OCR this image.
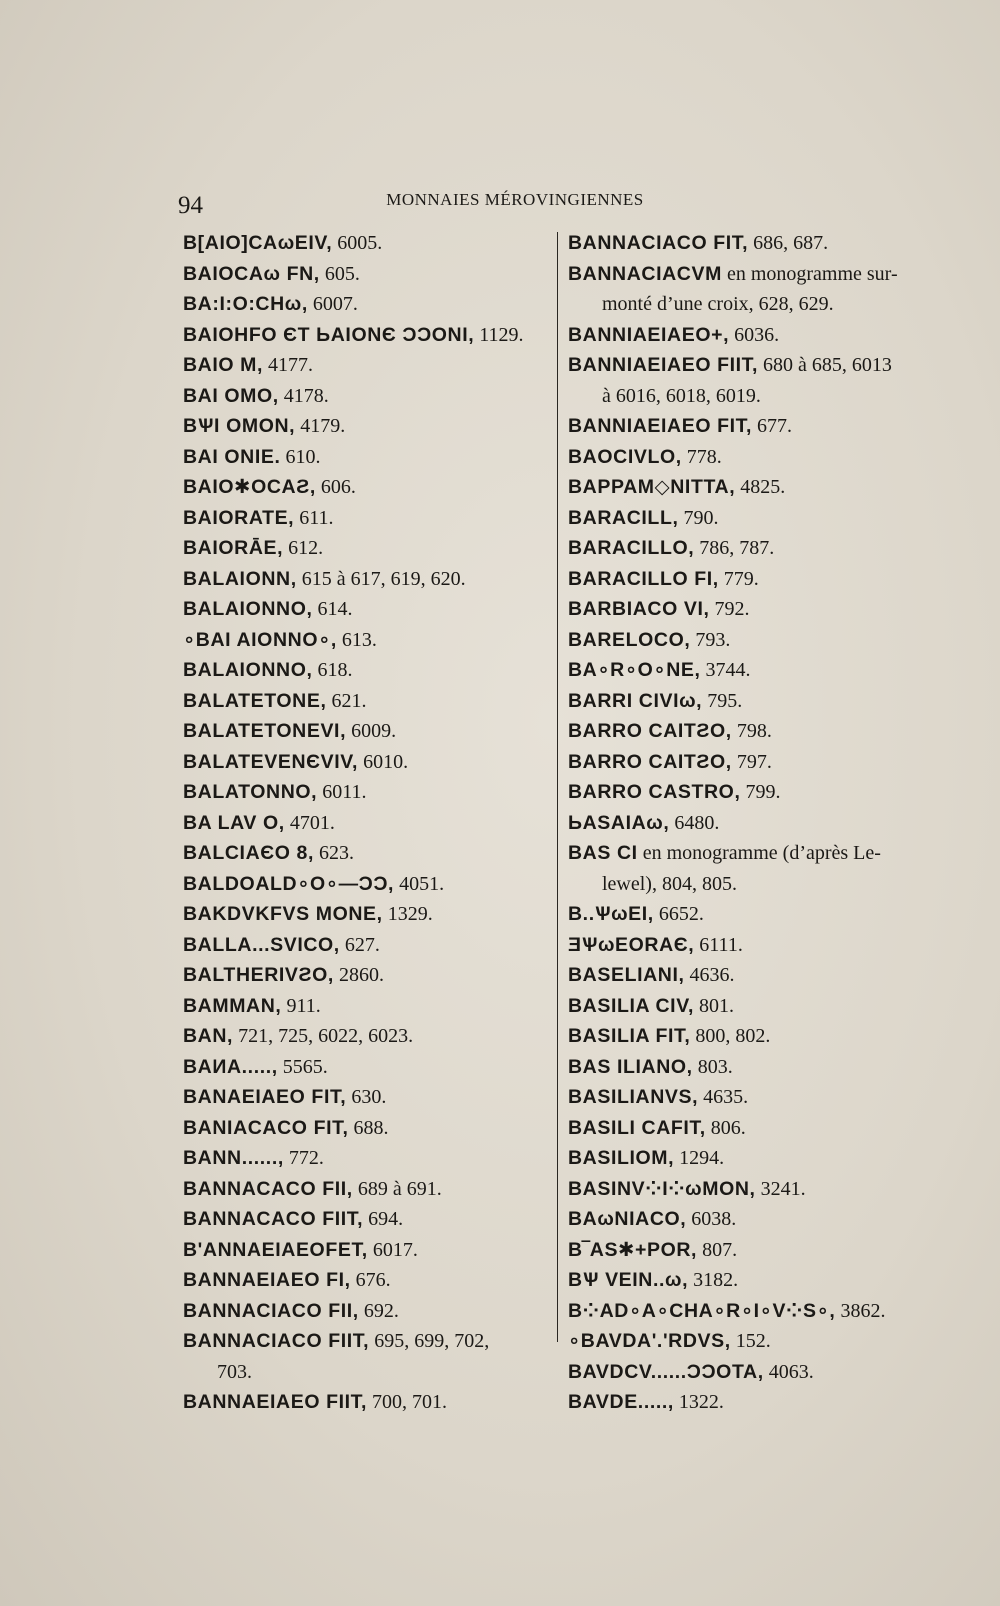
94	MONNAIES MÉROVINGIENNES
B[AIO]CAωEIV, 6005.
BAIOCAω FN, 605.
BA:I:O:CHω, 6007.
BAIOHFO ЄT ЬAIONЄ ƆƆONI, 1129.
BAIO M, 4177.
BAI OMO, 4178.
BѰI OMON, 4179.
BAI ONIE. 610.
BAIO✱OCAƧ, 606.
BAIORATE, 611.
BAIORĀE, 612.
BALAIONN, 615 à 617, 619, 620.
BALAIONNO, 614.
∘BAI AIONNO∘, 613.
BALAIONNO, 618.
BALATETONE, 621.
BALATETONEVI, 6009.
BALATEVENЄVIV, 6010.
BALATONNO, 6011.
BA LAV O, 4701.
BALCIAЄO 8, 623.
BALDOALD∘O∘—ƆƆ, 4051.
BAKDVKFVS MONE, 1329.
BALLA...SVICO, 627.
BALTHERIVƧO, 2860.
BAMMAN, 911.
BAN, 721, 725, 6022, 6023.
BAИA....., 5565.
BANAEIAEO FIT, 630.
BANIACACO FIT, 688.
BANN......, 772.
BANNACACO FII, 689 à 691.
BANNACACO FIIT, 694.
B'ANNAEIAEOFET, 6017.
BANNAEIAEO FI, 676.
BANNACIACO FII, 692.
BANNACIACO FIIT, 695, 699, 702,
703.
BANNAEIAEO FIIT, 700, 701.
BANNACIACO FIT, 686, 687.
BANNACIACVM en monogramme sur-
monté d’une croix, 628, 629.
BANNIAEIAEO+, 6036.
BANNIAEIAEO FIIT, 680 à 685, 6013
à 6016, 6018, 6019.
BANNIAEIAEO FIT, 677.
BAOCIVLO, 778.
BAPPAM◇NITTA, 4825.
BARACILL, 790.
BARACILLO, 786, 787.
BARACILLO FI, 779.
BARBIACO VI, 792.
BARELOCO, 793.
BA∘R∘O∘NE, 3744.
BARRI CIVIω, 795.
BARRO CAITƧO, 798.
BARRO CAITƧO, 797.
BARRO CASTRO, 799.
ЬASAIAω, 6480.
BAS CI en monogramme (d’après Le-
lewel), 804, 805.
B..ѰωEI, 6652.
ƎѰωEORAЄ, 6111.
BASELIANI, 4636.
BASILIA CIV, 801.
BASILIA FIT, 800, 802.
BAS ILIANO, 803.
BASILIANVS, 4635.
BASILI CAFIT, 806.
BASILIOM, 1294.
BASINV⁘I⁘ωMON, 3241.
BAωNIACO, 6038.
B‾AS✱+POR, 807.
BѰ VEIN..ω, 3182.
B⁘AD∘A∘CHA∘R∘I∘V⁘S∘, 3862.
∘BAVDA'.'RDVS, 152.
BAVDCV......ƆƆOTA, 4063.
BAVDE....., 1322.
